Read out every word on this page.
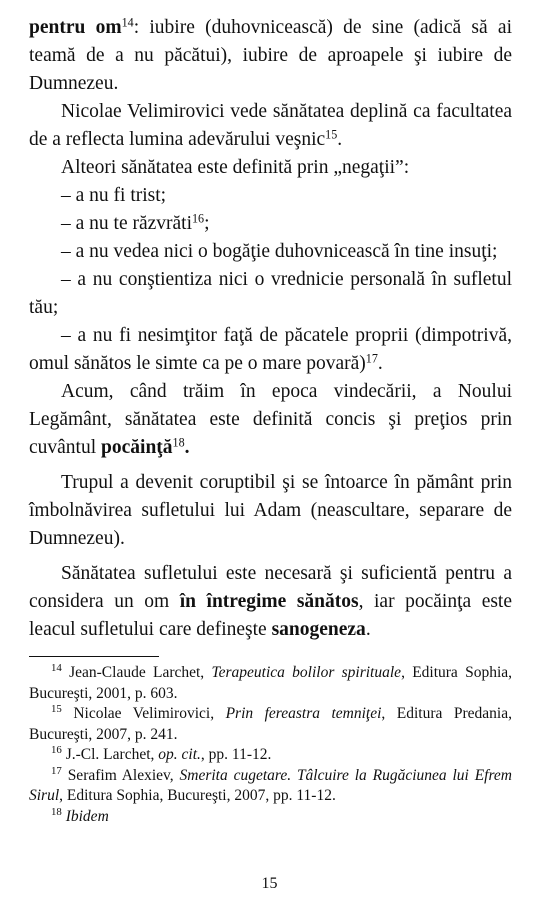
pentru $om^{14}$: iubire (duhovnicească) de sine (adică să ai teamă de a nu păcătui), iubire de aproapele şi iubire de Dumnezeu.

Nicolae Velimirovici vede sănătatea deplină ca facultatea de a reflecta lumina adevărului veşnic$^{15}$.

Alteori sănătatea este definită prin „negaţii”:

– a nu fi trist;

– a nu te răzvrăti$^{16}$;

– a nu vedea nici o bogăţie duhovnicească în tine insuţi;

– a nu conştientiza nici o vrednicie personală în sufletul tău;

– a nu fi nesimţitor faţă de păcatele proprii (dimpotrivă, omul sănătos le simte ca pe o mare povară)$^{17}$.

Acum, când trăim în epoca vindecării, a Noului Legământ, sănătatea este definită concis şi preţios prin cuvântul pocăinţă$^{18}$.

Trupul a devenit coruptibil şi se întoarce în pământ prin îmbolnăvirea sufletului lui Adam (neascultare, separare de Dumnezeu).

Sănătatea sufletului este necesară şi suficientă pentru a considera un om în întregime sănătos, iar pocăinţa este leacul sufletului care defineşte sanogeneza.

$^{14}$ Jean-Claude Larchet, Terapeutica bolilor spirituale, Editura Sophia, Bucureşti, 2001, p. 603.

$^{15}$ Nicolae Velimirovici, Prin fereastra temniţei, Editura Predania, Bucureşti, 2007, p. 241.

$^{16}$ J.-Cl. Larchet, op. cit., pp. 11-12.

$^{17}$ Serafim Alexiev, Smerita cugetare. Tâlcuire la Rugăciunea lui Efrem Sirul, Editura Sophia, Bucureşti, 2007, pp. 11-12.

$^{18}$ Ibidem

15
